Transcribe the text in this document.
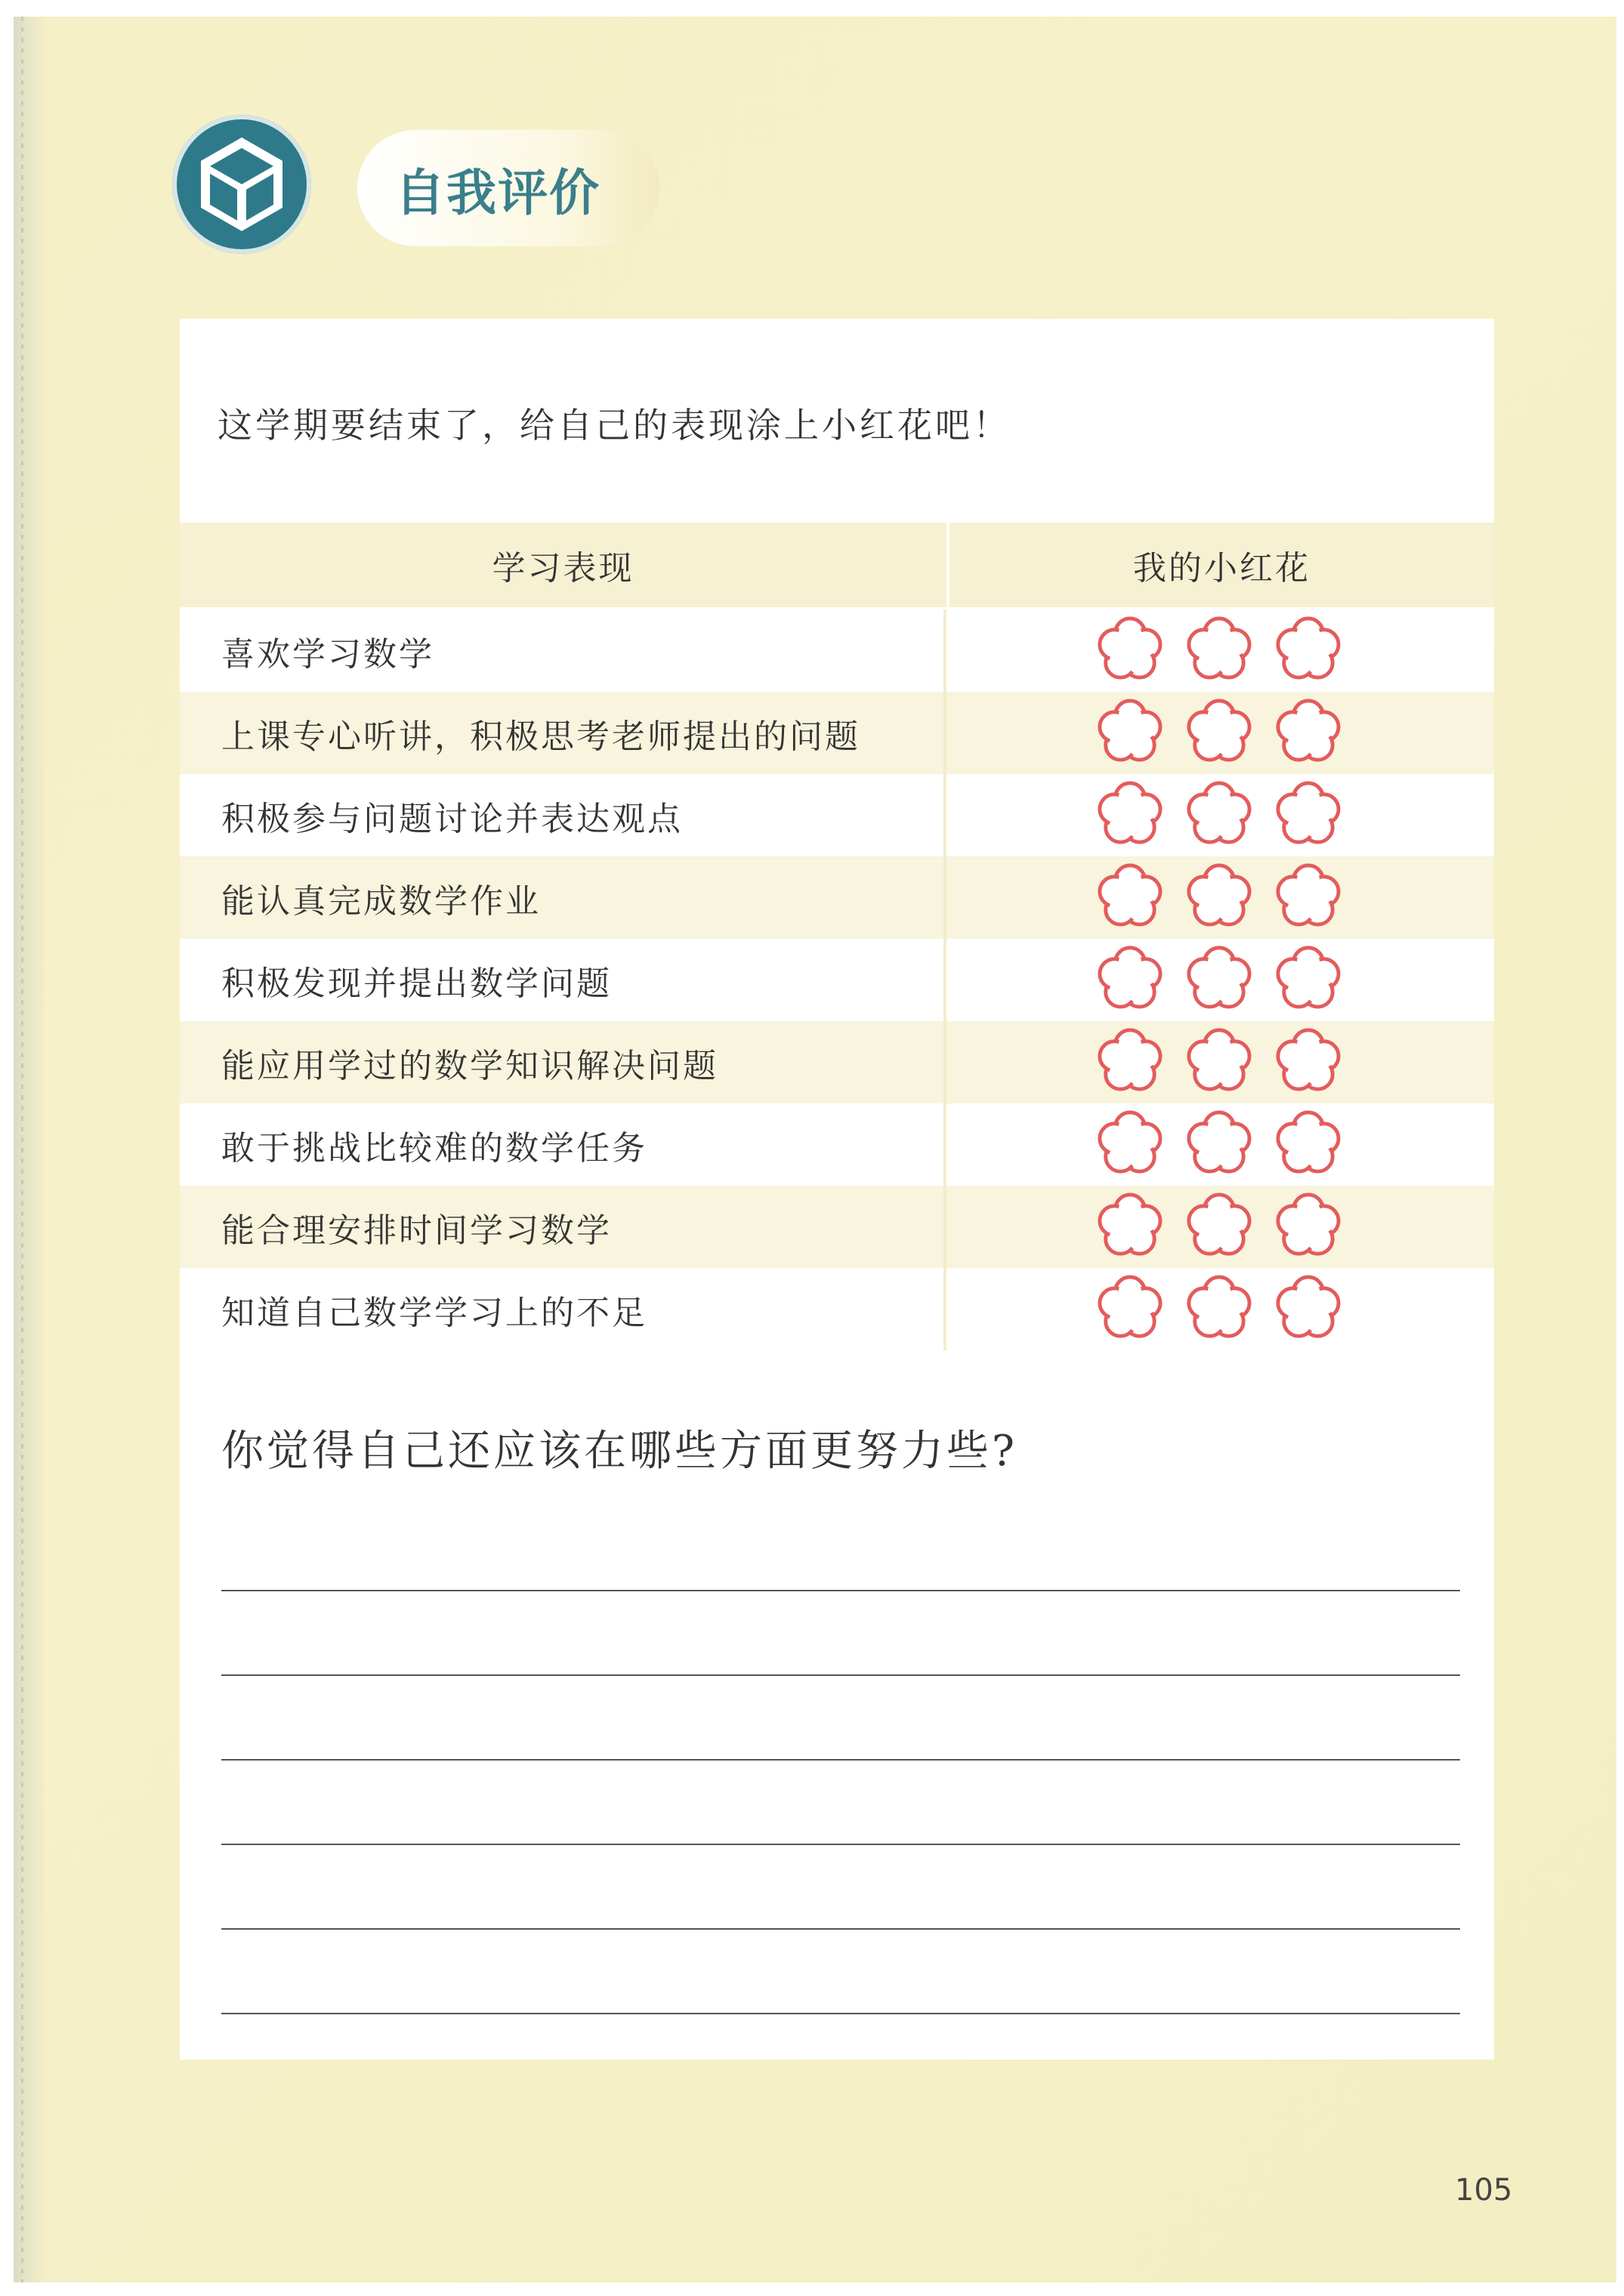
自我评价
这学期要结束了，给自己的表现涂上小红花吧！
学习表现	我的小红花
喜欢学习数学
上课专心听讲，积极思考老师提出的问题
积极参与问题讨论并表达观点
能认真完成数学作业
积极发现并提出数学问题
能应用学过的数学知识解决问题
敢于挑战比较难的数学任务
能合理安排时间学习数学
知道自己数学学习上的不足
你觉得自己还应该在哪些方面更努力些?
105
